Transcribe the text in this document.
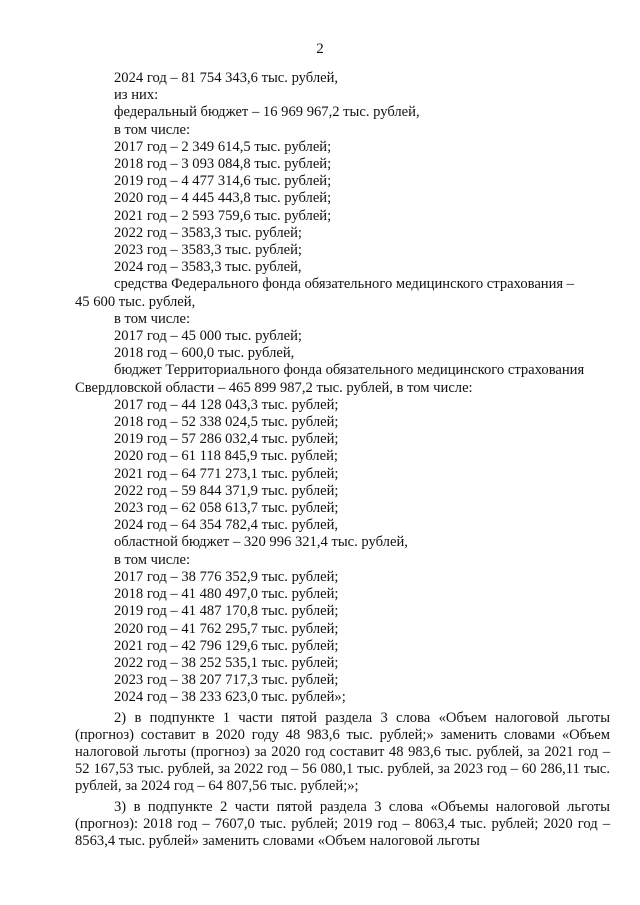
2
2024 год – 81 754 343,6 тыс. рублей,
из них:
федеральный бюджет – 16 969 967,2 тыс. рублей,
в том числе:
2017 год – 2 349 614,5 тыс. рублей;
2018 год – 3 093 084,8 тыс. рублей;
2019 год – 4 477 314,6 тыс. рублей;
2020 год – 4 445 443,8 тыс. рублей;
2021 год – 2 593 759,6 тыс. рублей;
2022 год – 3583,3 тыс. рублей;
2023 год – 3583,3 тыс. рублей;
2024 год – 3583,3 тыс. рублей,
средства Федерального фонда обязательного медицинского страхования –
45 600 тыс. рублей,
в том числе:
2017 год – 45 000 тыс. рублей;
2018 год – 600,0 тыс. рублей,
бюджет Территориального фонда обязательного медицинского страхования
Свердловской области – 465 899 987,2 тыс. рублей, в том числе:
2017 год – 44 128 043,3 тыс. рублей;
2018 год – 52 338 024,5 тыс. рублей;
2019 год – 57 286 032,4 тыс. рублей;
2020 год – 61 118 845,9 тыс. рублей;
2021 год – 64 771 273,1 тыс. рублей;
2022 год – 59 844 371,9 тыс. рублей;
2023 год – 62 058 613,7 тыс. рублей;
2024 год – 64 354 782,4 тыс. рублей,
областной бюджет – 320 996 321,4 тыс. рублей,
в том числе:
2017 год – 38 776 352,9 тыс. рублей;
2018 год – 41 480 497,0 тыс. рублей;
2019 год – 41 487 170,8 тыс. рублей;
2020 год – 41 762 295,7 тыс. рублей;
2021 год – 42 796 129,6 тыс. рублей;
2022 год – 38 252 535,1 тыс. рублей;
2023 год – 38 207 717,3 тыс. рублей;
2024 год – 38 233 623,0 тыс. рублей»;
2) в подпункте 1 части пятой раздела 3 слова «Объем налоговой льготы (прогноз) составит в 2020 году 48 983,6 тыс. рублей;» заменить словами «Объем налоговой льготы (прогноз) за 2020 год составит 48 983,6 тыс. рублей, за 2021 год – 52 167,53 тыс. рублей, за 2022 год – 56 080,1 тыс. рублей, за 2023 год – 60 286,11 тыс. рублей, за 2024 год – 64 807,56 тыс. рублей;»;
3) в подпункте 2 части пятой раздела 3 слова «Объемы налоговой льготы (прогноз): 2018 год – 7607,0 тыс. рублей; 2019 год – 8063,4 тыс. рублей; 2020 год – 8563,4 тыс. рублей» заменить словами «Объем налоговой льготы
